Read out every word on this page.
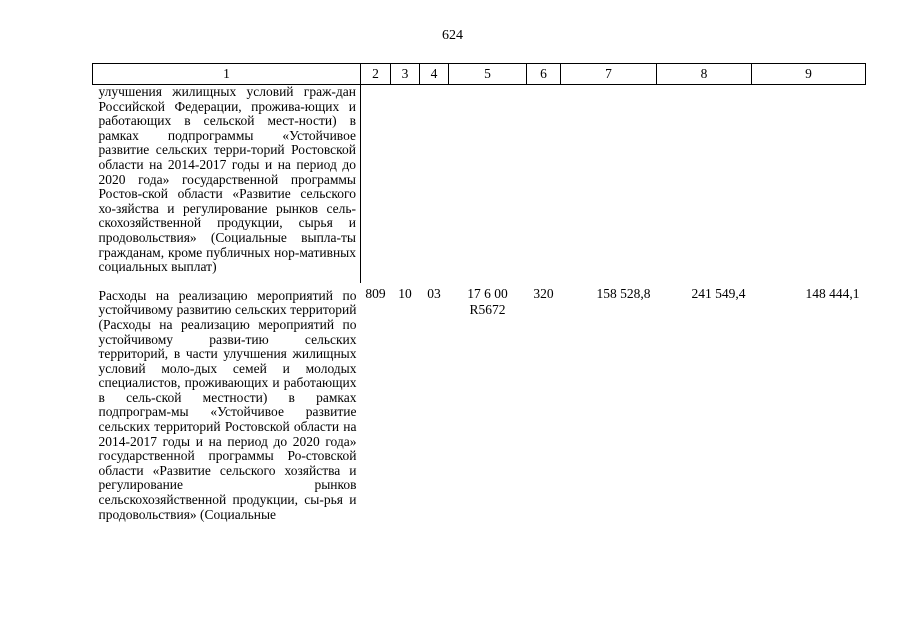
624
1	2	3	4	5	6	7	8	9
улучшения жилищных условий граж-дан Российской Федерации, прожива-ющих и работающих в сельской мест-ности) в рамках подпрограммы «Устойчивое развитие сельских терри-торий Ростовской области на 2014-2017 годы и на период до 2020 года» государственной программы Ростов-ской области «Развитие сельского хо-зяйства и регулирование рынков сель-скохозяйственной продукции, сырья и продовольствия» (Социальные выпла-ты гражданам, кроме публичных нор-мативных социальных выплат)								
Расходы на реализацию мероприятий по устойчивому развитию сельских территорий (Расходы на реализацию мероприятий по устойчивому разви-тию сельских территорий, в части улучшения жилищных условий моло-дых семей и молодых специалистов, проживающих и работающих в сель-ской местности) в рамках подпрограм-мы «Устойчивое развитие сельских территорий Ростовской области на 2014-2017 годы и на период до 2020 года» государственной программы Ро-стовской области «Развитие сельского хозяйства и регулирование рынков сельскохозяйственной продукции, сы-рья и продовольствия» (Социальные	809	10	03	17 6 00 R5672	320	158 528,8	241 549,4	148 444,1
